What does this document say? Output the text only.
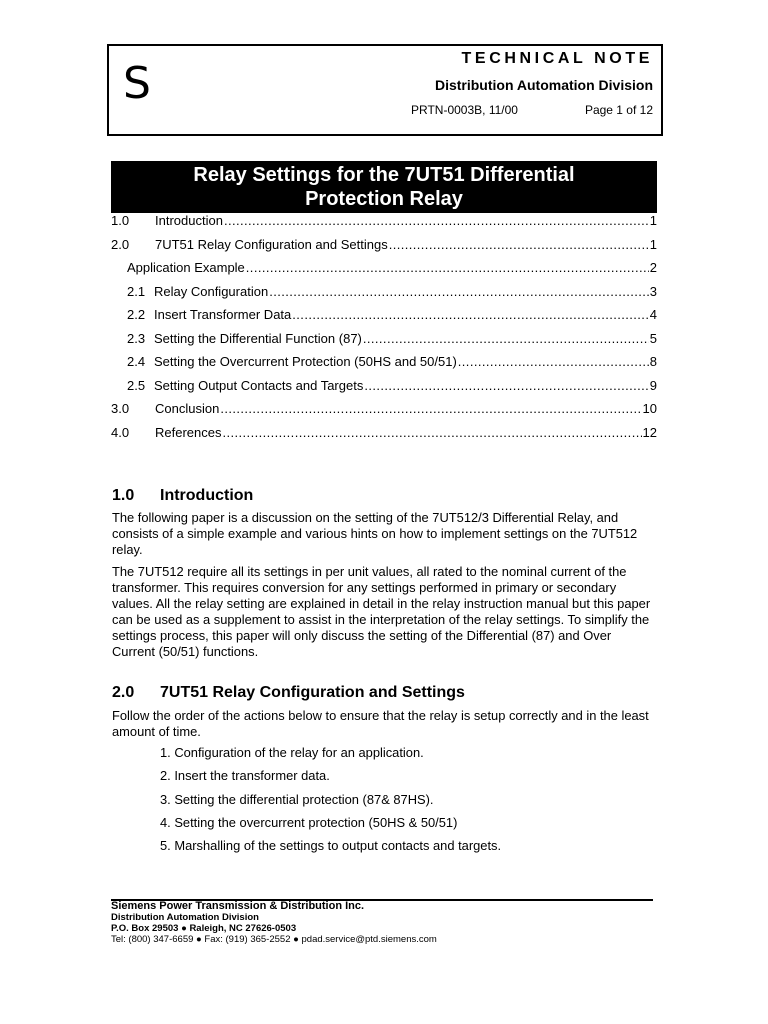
S	TECHNICAL NOTE
Distribution Automation Division
PRTN-0003B, 11/00	Page 1 of 12
Relay Settings for the 7UT51 Differential
Protection Relay
1.0	Introduction .....	1
2.0	7UT51 Relay Configuration and Settings .....	1
Application Example .....	2
2.1 Relay Configuration .....	3
2.2 Insert Transformer Data .....	4
2.3 Setting the Differential Function (87) .....	5
2.4 Setting the Overcurrent Protection (50HS and 50/51) .....	8
2.5 Setting Output Contacts and Targets .....	9
3.0	Conclusion .....	10
4.0	References .....	12
1.0 Introduction

The following paper is a discussion on the setting of the 7UT512/3 Differential Relay, and consists of a simple example and various hints on how to implement settings on the 7UT512 relay.

The 7UT512 require all its settings in per unit values, all rated to the nominal current of the transformer. This requires conversion for any settings performed in primary or secondary values. All the relay setting are explained in detail in the relay instruction manual but this paper can be used as a supplement to assist in the interpretation of the relay settings. To simplify the settings process, this paper will only discuss the setting of the Differential (87) and Over Current (50/51) functions.

2.0 7UT51 Relay Configuration and Settings

Follow the order of the actions below to ensure that the relay is setup correctly and in the least amount of time.

1. Configuration of the relay for an application.
2. Insert the transformer data.
3. Setting the differential protection (87& 87HS).
4. Setting the overcurrent protection (50HS & 50/51)
5. Marshalling of the settings to output contacts and targets.
Siemens Power Transmission & Distribution Inc.
Distribution Automation Division
P.O. Box 29503 ● Raleigh, NC 27626-0503
Tel: (800) 347-6659 ● Fax: (919) 365-2552 ● pdad.service@ptd.siemens.com
